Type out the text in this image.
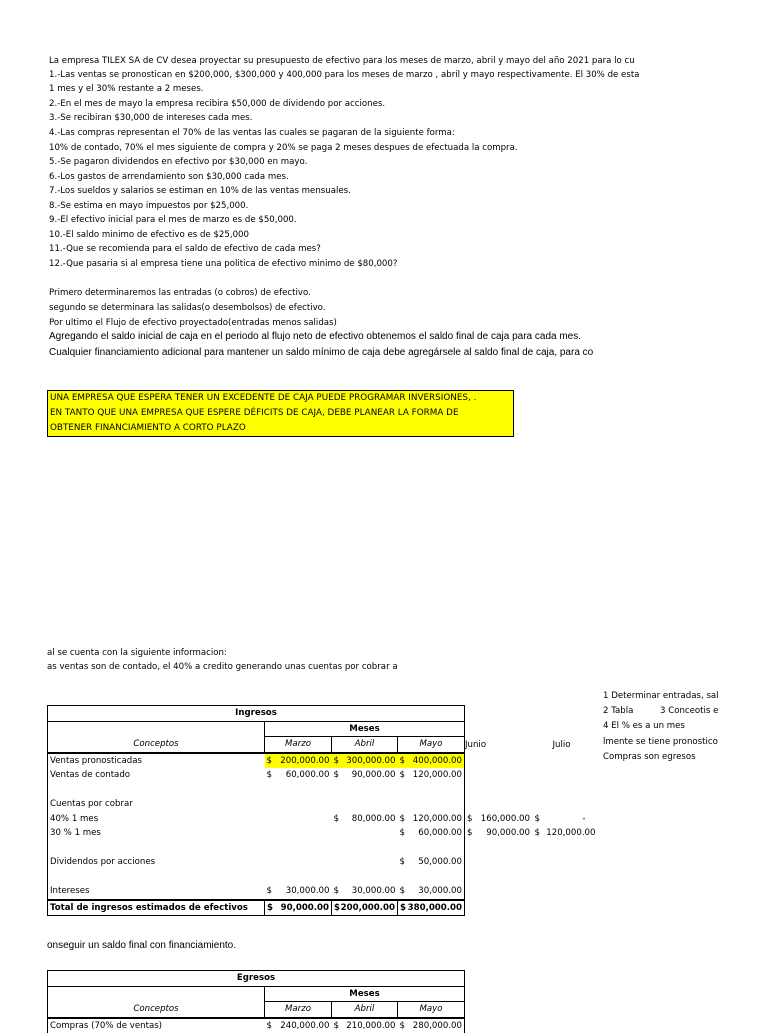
La empresa TILEX SA de CV desea proyectar su presupuesto de efectivo para los meses de marzo, abril y mayo del año 2021 para lo cu
1.-Las ventas se pronostican en $200,000, $300,000 y 400,000 para los meses de marzo , abril y mayo respectivamente. El 30% de esta
1 mes y el 30% restante a 2 meses.
2.-En el mes de mayo la empresa recibira $50,000 de dividendo por acciones.
3.-Se recibiran $30,000 de intereses cada mes.
4.-Las compras representan el 70% de las ventas las cuales se pagaran de la siguiente forma:
10% de contado, 70% el mes siguiente de compra y 20% se paga 2 meses despues de efectuada la compra.
5.-Se pagaron dividendos en efectivo por $30,000 en mayo.
6.-Los gastos de arrendamiento son $30,000 cada mes.
7.-Los sueldos y salarios se estiman en 10% de las ventas mensuales.
8.-Se estima en mayo impuestos por $25,000.
9.-El efectivo inicial para el mes de marzo es de $50,000.
10.-El saldo minimo de efectivo es de $25,000
11.-Que se recomienda para el saldo de efectivo de cada mes?
12.-Que pasaria si al empresa tiene una politica de efectivo minimo de $80,000?
Primero determinaremos las entradas (o cobros) de efectivo.
segundo se determinara las salidas(o desembolsos) de efectivo.
Por ultimo el Flujo de efectivo proyectado(entradas menos salidas)
Agregando el saldo inicial de caja en el periodo al flujo neto de efectivo obtenemos el saldo final de caja para cada mes.
Cualquier financiamiento adicional para mantener un saldo mínimo de caja debe agregársele al saldo final de caja, para co
UNA EMPRESA QUE ESPERA TENER UN EXCEDENTE DE CAJA PUEDE PROGRAMAR INVERSIONES, .
EN TANTO QUE UNA EMPRESA QUE ESPERE DÉFICITS DE CAJA, DEBE PLANEAR LA FORMA DE
OBTENER FINANCIAMIENTO A CORTO PLAZO
al se cuenta con la siguiente informacion:
as ventas son de contado, el 40% a credito generando unas cuentas por cobrar a
1 Determinar entradas, sal
2 Tabla	3 Conceotis e
4 El % es a un mes
lmente se tiene pronostico
Compras son egresos
Ingresos					
	Meses				
Conceptos	Marzo	Abril	Mayo	Junio	Julio
Ventas pronosticadas	$ 200,000.00	$ 300,000.00	$ 400,000.00		

Ventas de contado	$ 60,000.00	$ 90,000.00	$ 120,000.00		

Cuentas por cobrar					
40% 1 mes		$ 80,000.00	$ 120,000.00	$ 160,000.00	$ -

30 % 1 mes			$ 60,000.00	$ 90,000.00	$ 120,000.00

Dividendos por acciones			$ 50,000.00		

Intereses	$ 30,000.00	$ 30,000.00	$ 30,000.00		

Total de ingresos estimados de efectivos	$ 90,000.00	$ 200,000.00	$ 380,000.00		

onseguir un saldo final con financiamiento.
Egresos			
	Meses		
Conceptos	Marzo	Abril	Mayo
Compras (70% de ventas)	$ 240,000.00	$ 210,000.00	$ 280,000.00
